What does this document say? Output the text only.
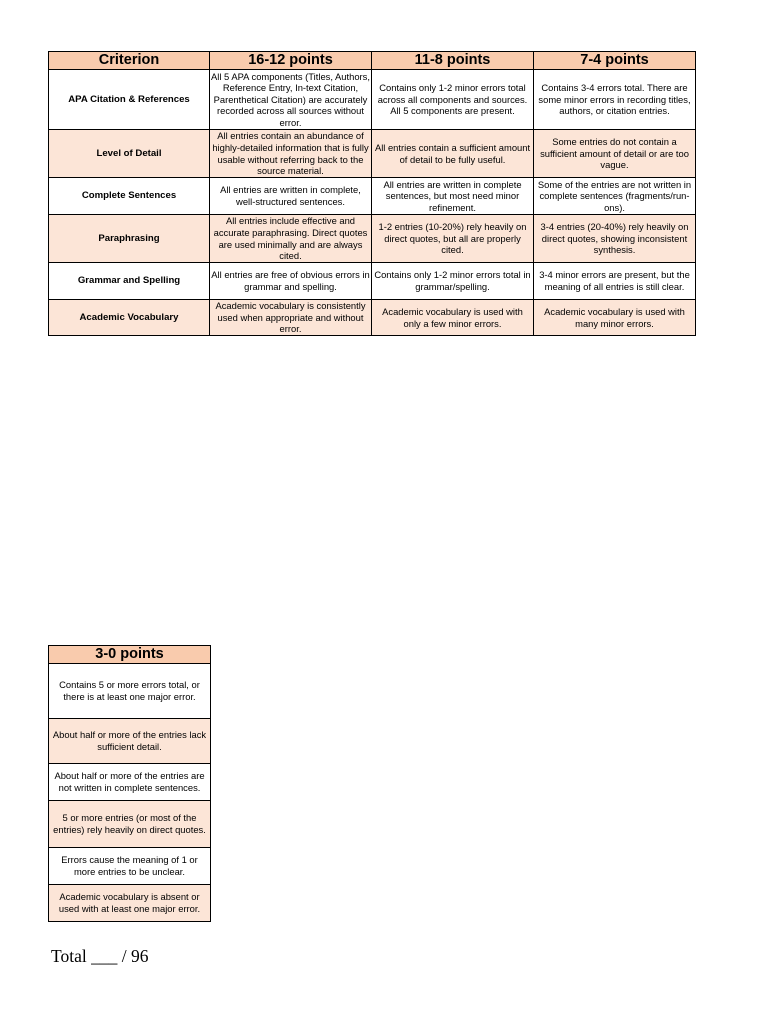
Criterion	16-12 points	11-8 points	7-4 points
APA Citation & References	All 5 APA components (Titles, Authors, Reference Entry, In-text Citation, Parenthetical Citation) are accurately recorded across all sources without error.	Contains only 1-2 minor errors total across all components and sources. All 5 components are present.	Contains 3-4 errors total. There are some minor errors in recording titles, authors, or citation entries.
Level of Detail	All entries contain an abundance of highly-detailed information that is fully usable without referring back to the source material.	All entries contain a sufficient amount of detail to be fully useful.	Some entries do not contain a sufficient amount of detail or are too vague.
Complete Sentences	All entries are written in complete, well-structured sentences.	All entries are written in complete sentences, but most need minor refinement.	Some of the entries are not written in complete sentences (fragments/run-ons).
Paraphrasing	All entries include effective and accurate paraphrasing. Direct quotes are used minimally and are always cited.	1-2 entries (10-20%) rely heavily on direct quotes, but all are properly cited.	3-4 entries (20-40%) rely heavily on direct quotes, showing inconsistent synthesis.
Grammar and Spelling	All entries are free of obvious errors in grammar and spelling.	Contains only 1-2 minor errors total in grammar/spelling.	3-4 minor errors are present, but the meaning of all entries is still clear.
Academic Vocabulary	Academic vocabulary is consistently used when appropriate and without error.	Academic vocabulary is used with only a few minor errors.	Academic vocabulary is used with many minor errors.
3-0 points
Contains 5 or more errors total, or there is at least one major error.
About half or more of the entries lack sufficient detail.
About half or more of the entries are not written in complete sentences.
5 or more entries (or most of the entries) rely heavily on direct quotes.
Errors cause the meaning of 1 or more entries to be unclear.
Academic vocabulary is absent or used with at least one major error.
Total ___ / 96
